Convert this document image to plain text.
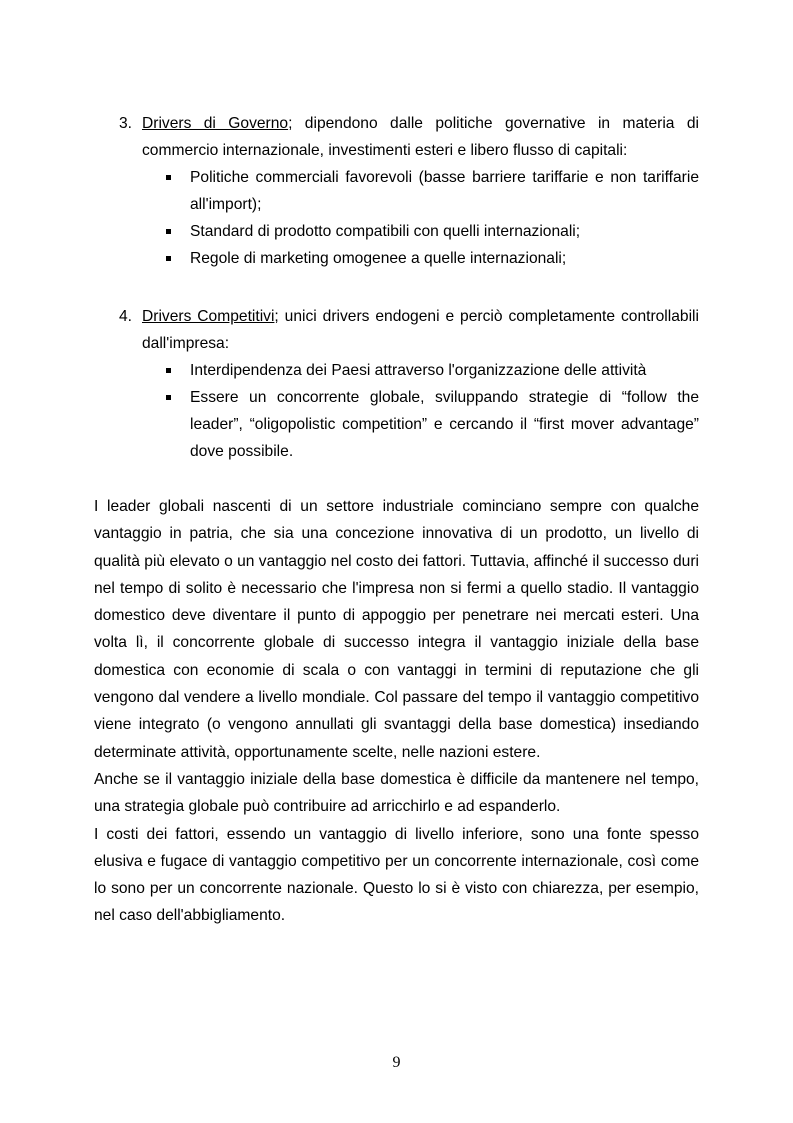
3. Drivers di Governo; dipendono dalle politiche governative in materia di commercio internazionale, investimenti esteri e libero flusso di capitali:
Politiche commerciali favorevoli (basse barriere tariffarie e non tariffarie all'import);
Standard di prodotto compatibili con quelli internazionali;
Regole di marketing omogenee a quelle internazionali;
4. Drivers Competitivi; unici drivers endogeni e perciò completamente controllabili dall'impresa:
Interdipendenza dei Paesi attraverso l'organizzazione delle attività
Essere un concorrente globale, sviluppando strategie di “follow the leader”, “oligopolistic competition” e cercando il “first mover advantage” dove possibile.

I leader globali nascenti di un settore industriale cominciano sempre con qualche vantaggio in patria, che sia una concezione innovativa di un prodotto, un livello di qualità più elevato o un vantaggio nel costo dei fattori. Tuttavia, affinché il successo duri nel tempo di solito è necessario che l'impresa non si fermi a quello stadio. Il vantaggio domestico deve diventare il punto di appoggio per penetrare nei mercati esteri. Una volta lì, il concorrente globale di successo integra il vantaggio iniziale della base domestica con economie di scala o con vantaggi in termini di reputazione che gli vengono dal vendere a livello mondiale. Col passare del tempo il vantaggio competitivo viene integrato (o vengono annullati gli svantaggi della base domestica) insediando determinate attività, opportunamente scelte, nelle nazioni estere.

Anche se il vantaggio iniziale della base domestica è difficile da mantenere nel tempo, una strategia globale può contribuire ad arricchirlo e ad espanderlo.

I costi dei fattori, essendo un vantaggio di livello inferiore, sono una fonte spesso elusiva e fugace di vantaggio competitivo per un concorrente internazionale, così come lo sono per un concorrente nazionale. Questo lo si è visto con chiarezza, per esempio, nel caso dell'abbigliamento.

9
